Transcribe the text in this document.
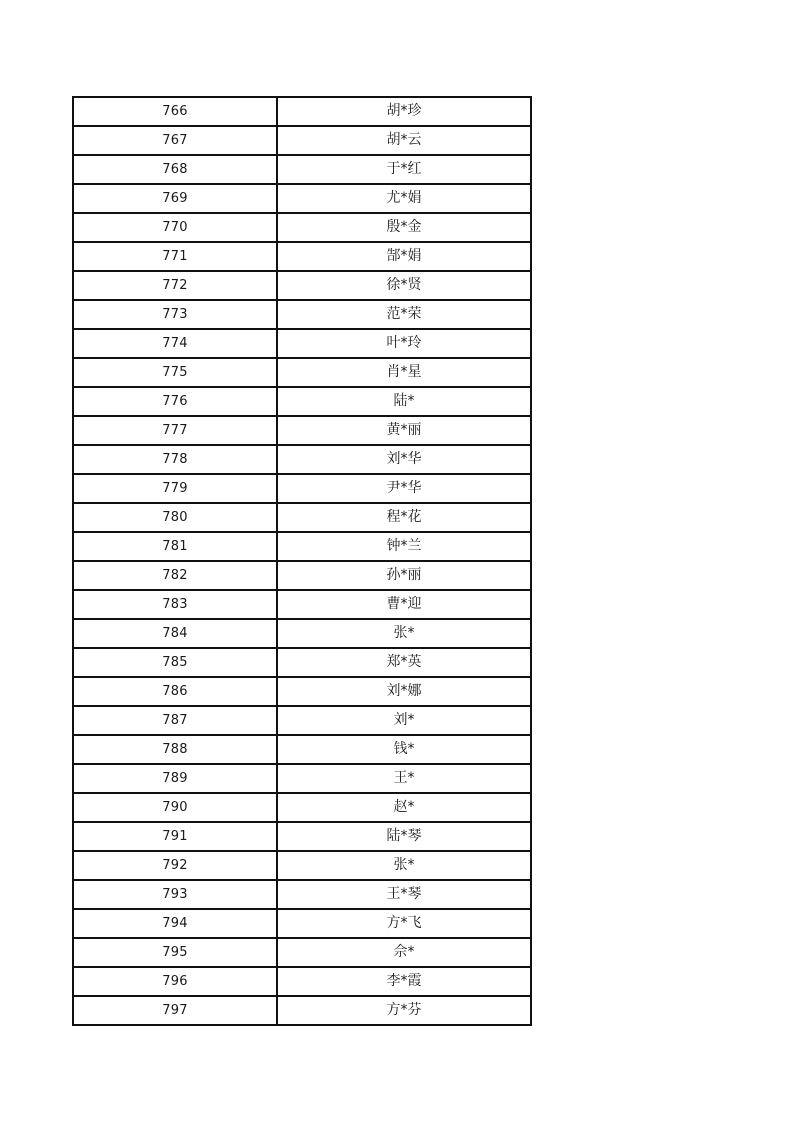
766	胡*珍
767	胡*云
768	于*红
769	尤*娟
770	殷*金
771	郜*娟
772	徐*贤
773	范*荣
774	叶*玲
775	肖*星
776	陆*
777	黄*丽
778	刘*华
779	尹*华
780	程*花
781	钟*兰
782	孙*丽
783	曹*迎
784	张*
785	郑*英
786	刘*娜
787	刘*
788	钱*
789	王*
790	赵*
791	陆*琴
792	张*
793	王*琴
794	方*飞
795	佘*
796	李*霞
797	方*芬
